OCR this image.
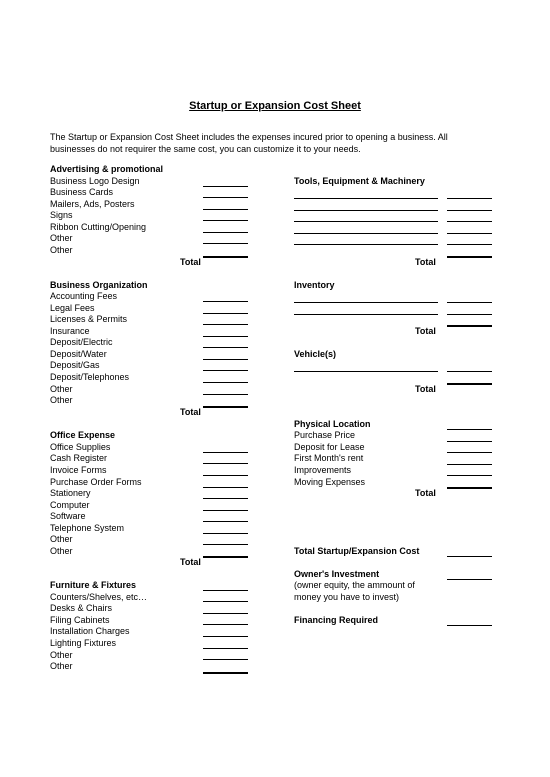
Startup or Expansion Cost Sheet
The Startup or Expansion Cost Sheet includes the expenses incured prior to opening a business. All businesses do not requirer the same cost, you can customize it to your needs.
Advertising & promotional
Business Logo Design
Business Cards
Mailers, Ads, Posters
Signs
Ribbon Cutting/Opening
Other
Other
Total
Tools, Equipment & Machinery
Total
Business Organization
Accounting Fees
Legal Fees
Licenses & Permits
Insurance
Deposit/Electric
Deposit/Water
Deposit/Gas
Deposit/Telephones
Other
Other
Total
Inventory
Total
Vehicle(s)
Total
Physical Location
Purchase Price
Deposit for Lease
First Month's rent
Improvements
Moving Expenses
Total
Office Expense
Office Supplies
Cash Register
Invoice Forms
Purchase Order Forms
Stationery
Computer
Software
Telephone System
Other
Other
Total
Total Startup/Expansion Cost
Owner's Investment
(owner equity, the ammount of
money you have to invest)
Financing Required
Furniture & Fixtures
Counters/Shelves, etc…
Desks & Chairs
Filing Cabinets
Installation Charges
Lighting Fixtures
Other
Other
